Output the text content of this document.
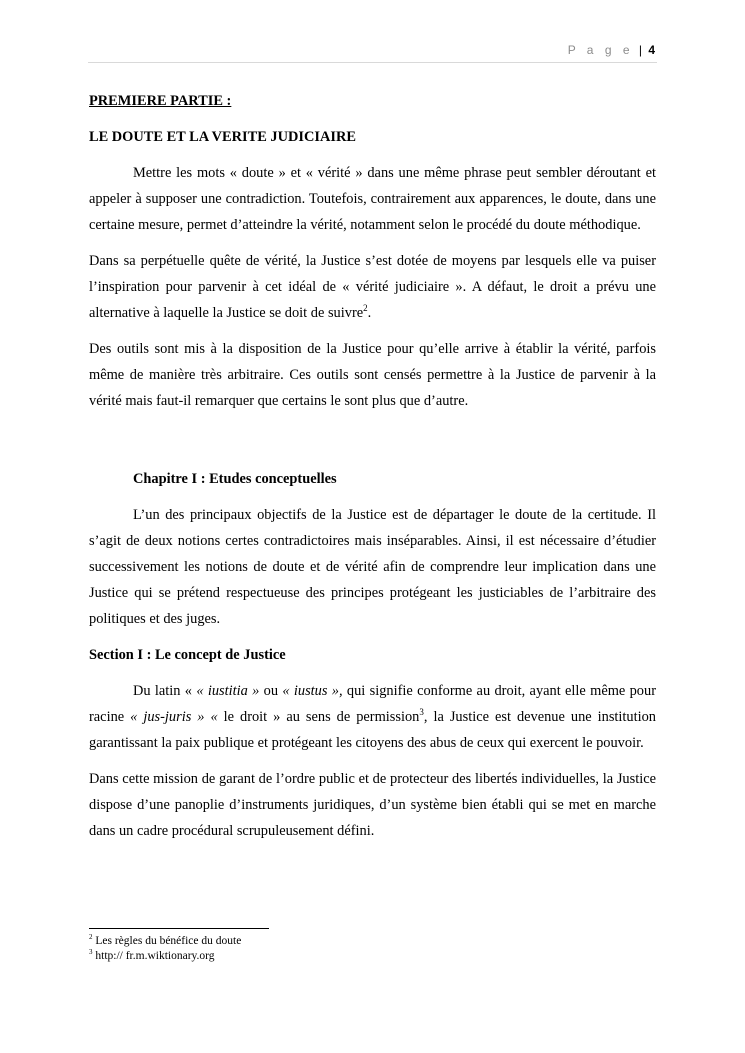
P a g e | 4
PREMIERE PARTIE :
LE DOUTE ET LA VERITE JUDICIAIRE

Mettre les mots « doute » et « vérité » dans une même phrase peut sembler déroutant et appeler à supposer une contradiction. Toutefois, contrairement aux apparences, le doute, dans une certaine mesure, permet d’atteindre la vérité, notamment selon le procédé du doute méthodique.

Dans sa perpétuelle quête de vérité, la Justice s’est dotée de moyens par lesquels elle va puiser l’inspiration pour parvenir à cet idéal de « vérité judiciaire ». A défaut, le droit a prévu une alternative à laquelle la Justice se doit de suivre$^2$.

Des outils sont mis à la disposition de la Justice pour qu’elle arrive à établir la vérité, parfois même de manière très arbitraire. Ces outils sont censés permettre à la Justice de parvenir à la vérité mais faut-il remarquer que certains le sont plus que d’autre.

Chapitre I : Etudes conceptuelles

L’un des principaux objectifs de la Justice est de départager le doute de la certitude. Il s’agit de deux notions certes contradictoires mais inséparables. Ainsi, il est nécessaire d’étudier successivement les notions de doute et de vérité afin de comprendre leur implication dans une Justice qui se prétend respectueuse des principes protégeant les justiciables de l’arbitraire des politiques et des juges.

Section I : Le concept de Justice

Du latin « « iustitia » ou « iustus », qui signifie conforme au droit, ayant elle même pour racine « jus-juris » « le droit » au sens de permission$^3$, la Justice est devenue une institution garantissant la paix publique et protégeant les citoyens des abus de ceux qui exercent le pouvoir.

Dans cette mission de garant de l’ordre public et de protecteur des libertés individuelles, la Justice dispose d’une panoplie d’instruments juridiques, d’un système bien établi qui se met en marche dans un cadre procédural scrupuleusement défini.

$^2$ Les règles du bénéfice du doute
$^3$ http:// fr.m.wiktionary.org
